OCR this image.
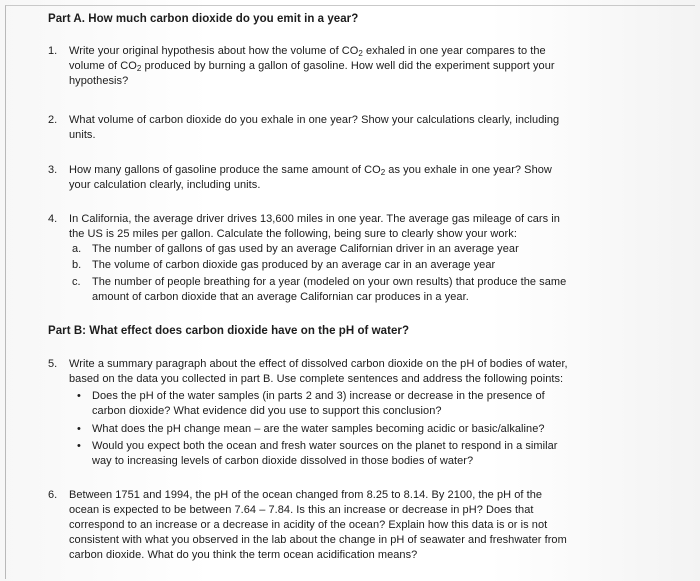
Part A. How much carbon dioxide do you emit in a year?
1. Write your original hypothesis about how the volume of $CO_2$ exhaled in one year compares to the
volume of $CO_2$ produced by burning a gallon of gasoline. How well did the experiment support your
hypothesis?
2. What volume of carbon dioxide do you exhale in one year? Show your calculations clearly, including
units.
3. How many gallons of gasoline produce the same amount of $CO_2$ as you exhale in one year? Show
your calculation clearly, including units.
4. In California, the average driver drives 13,600 miles in one year. The average gas mileage of cars in
the US is 25 miles per gallon. Calculate the following, being sure to clearly show your work:
a. The number of gallons of gas used by an average Californian driver in an average year
b. The volume of carbon dioxide gas produced by an average car in an average year
c. The number of people breathing for a year (modeled on your own results) that produce the same
amount of carbon dioxide that an average Californian car produces in a year.
Part B: What effect does carbon dioxide have on the pH of water?
5. Write a summary paragraph about the effect of dissolved carbon dioxide on the pH of bodies of water,
based on the data you collected in part B. Use complete sentences and address the following points:
• Does the pH of the water samples (in parts 2 and 3) increase or decrease in the presence of
carbon dioxide? What evidence did you use to support this conclusion?
• What does the pH change mean – are the water samples becoming acidic or basic/alkaline?
• Would you expect both the ocean and fresh water sources on the planet to respond in a similar
way to increasing levels of carbon dioxide dissolved in those bodies of water?
6. Between 1751 and 1994, the pH of the ocean changed from 8.25 to 8.14. By 2100, the pH of the
ocean is expected to be between 7.64 – 7.84. Is this an increase or decrease in pH? Does that
correspond to an increase or a decrease in acidity of the ocean? Explain how this data is or is not
consistent with what you observed in the lab about the change in pH of seawater and freshwater from
carbon dioxide. What do you think the term ocean acidification means?
